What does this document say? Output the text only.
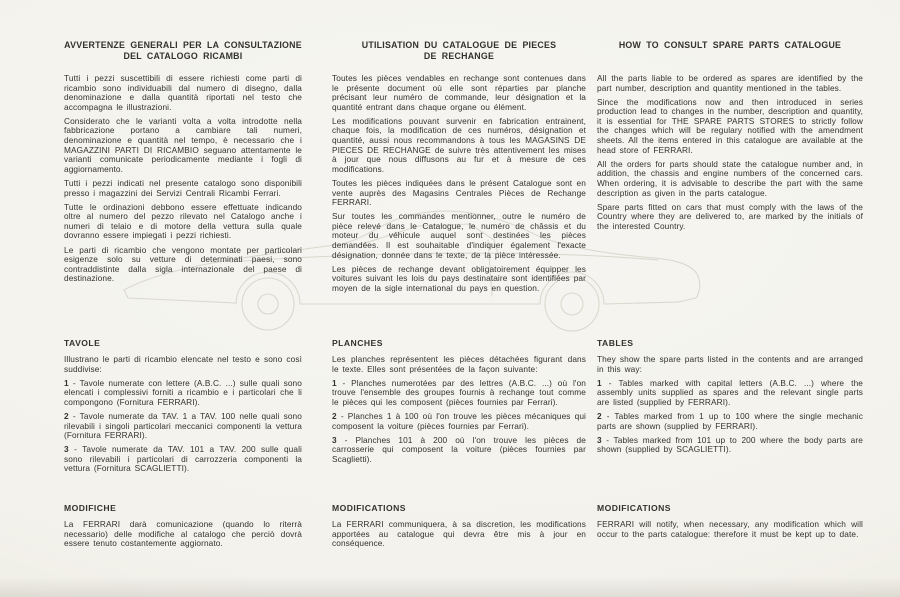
AVVERTENZE GENERALI PER LA CONSULTAZIONE
DEL CATALOGO RICAMBI

Tutti i pezzi suscettibili di essere richiesti come parti di ricambio sono individuabili dal numero di disegno, dalla denominazione e dalla quantità riportati nel testo che accompagna le illustrazioni.

Considerato che le varianti volta a volta introdotte nella fabbricazione portano a cambiare tali numeri, denominazione e quantità nel tempo, è necessario che i MAGAZZINI PARTI DI RICAMBIO seguano attentamente le varianti comunicate periodicamente mediante i fogli di aggiornamento.

Tutti i pezzi indicati nel presente catalogo sono disponibili presso i magazzini dei Servizi Centrali Ricambi Ferrari.

Tutte le ordinazioni debbono essere effettuate indicando oltre al numero del pezzo rilevato nel Catalogo anche i numeri di telaio e di motore della vettura sulla quale dovranno essere impiegati i pezzi richiesti.

Le parti di ricambio che vengono montate per particolari esigenze solo su vetture di determinati paesi, sono contraddistinte dalla sigla internazionale del paese di destinazione.

TAVOLE

Illustrano le parti di ricambio elencate nel testo e sono così suddivise:

1 - Tavole numerate con lettere (A.B.C. ...) sulle quali sono elencati i complessivi forniti a ricambio e i particolari che li compongono (Fornitura FERRARI).

2 - Tavole numerate da TAV. 1 a TAV. 100 nelle quali sono rilevabili i singoli particolari meccanici componenti la vettura (Fornitura FERRARI).

3 - Tavole numerate da TAV. 101 a TAV. 200 sulle quali sono rilevabili i particolari di carrozzeria componenti la vettura (Fornitura SCAGLIETTI).

MODIFICHE

La FERRARI darà comunicazione (quando lo riterrà necessario) delle modifiche al catalogo che perciò dovrà essere tenuto costantemente aggiornato.

UTILISATION DU CATALOGUE DE PIECES
DE RECHANGE

Toutes les pièces vendables en rechange sont contenues dans le présente document où elle sont réparties par planche précisant leur numéro de commande, leur désignation et la quantité entrant dans chaque organe ou élément.

Les modifications pouvant survenir en fabrication entrainent, chaque fois, la modification de ces numéros, désignation et quantité, aussi nous recommandons à tous les MAGASINS DE PIECES DE RECHANGE de suivre très attentivement les mises à jour que nous diffusons au fur et à mesure de ces modifications.

Toutes les pièces indiquées dans le présent Catalogue sont en vente auprès des Magasins Centrales Pièces de Rechange FERRARI.

Sur toutes les commandes mentionner, outre le numéro de pièce relevé dans le Catalogue, le numéro de châssis et du moteur du véhicule auquel sont destinées les pièces demandées. Il est souhaitable d'indiquer également l'exacte désignation, donnée dans le texte, de la pièce intéressée.

Les pièces de rechange devant obligatoirement équipper les voitures suivant les lois du pays destinataire sont identifiées par moyen de la sigle international du pays en question.

PLANCHES

Les planches représentent les pièces détachées figurant dans le texte. Elles sont présentées de la façon suivante:

1 - Planches numerotées par des lettres (A.B.C. ...) où l'on trouve l'ensemble des groupes fournis à rechange tout comme le pièces qui les composent (pièces fournies par Ferrari).

2 - Planches 1 à 100 où l'on trouve les pièces mécaniques qui composent la voiture (pièces fournies par Ferrari).

3 - Planches 101 à 200 où l'on trouve les pièces de carrosserie qui composent la voiture (pièces fournies par Scaglietti).

MODIFICATIONS

La FERRARI communiquera, à sa discretion, les modifications apportées au catalogue qui devra être mis à jour en conséquence.

HOW TO CONSULT SPARE PARTS CATALOGUE

All the parts liable to be ordered as spares are identified by the part number, description and quantity mentioned in the tables.

Since the modifications now and then introduced in series production lead to changes in the number, description and quantity, it is essential for THE SPARE PARTS STORES to strictly follow the changes which will be regulary notified with the amendment sheets. All the items entered in this catalogue are available at the head store of FERRARI.

All the orders for parts should state the catalogue number and, in addition, the chassis and engine numbers of the concerned cars. When ordering, it is advisable to describe the part with the same description as given in the parts catalogue.

Spare parts fitted on cars that must comply with the laws of the Country where they are delivered to, are marked by the initials of the interested Country.

TABLES

They show the spare parts listed in the contents and are arranged in this way:

1 - Tables marked with capital letters (A.B.C. ...) where the assembly units supplied as spares and the relevant single parts are listed (supplied by FERRARI).

2 - Tables marked from 1 up to 100 where the single mechanic parts are shown (supplied by FERRARI).

3 - Tables marked from 101 up to 200 where the body parts are shown (supplied by SCAGLIETTI).

MODIFICATIONS

FERRARI will notify, when necessary, any modification which will occur to the parts catalogue: therefore it must be kept up to date.
